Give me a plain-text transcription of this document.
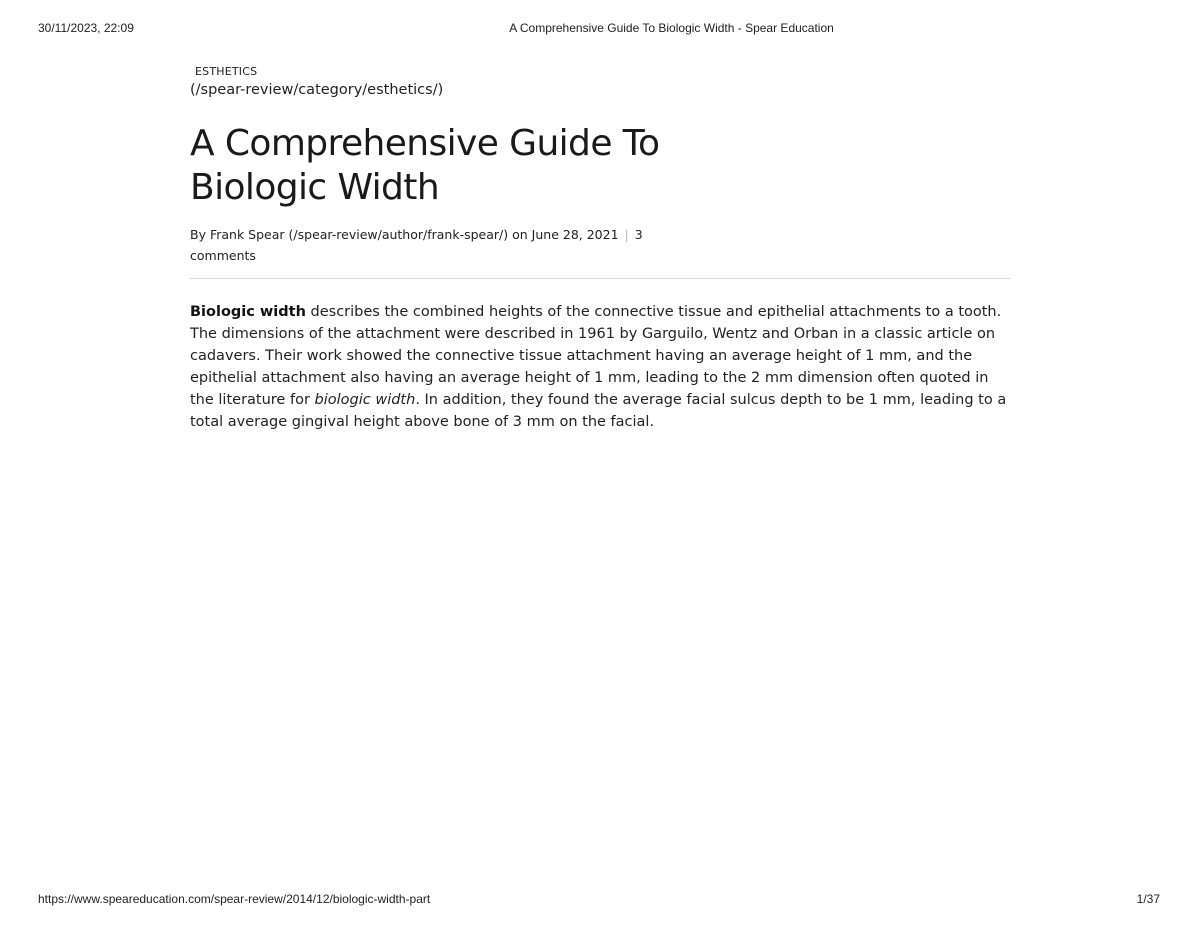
30/11/2023, 22:09	A Comprehensive Guide To Biologic Width - Spear Education
ESTHETICS
(/spear-review/category/esthetics/)
A Comprehensive Guide To
Biologic Width
By Frank Spear (/spear-review/author/frank-spear/) on June 28, 2021 | 3 comments

Biologic width describes the combined heights of the connective tissue and epithelial attachments to a tooth. The dimensions of the attachment were described in 1961 by Garguilo, Wentz and Orban in a classic article on cadavers. Their work showed the connective tissue attachment having an average height of 1 mm, and the epithelial attachment also having an average height of 1 mm, leading to the 2 mm dimension often quoted in the literature for biologic width. In addition, they found the average facial sulcus depth to be 1 mm, leading to a total average gingival height above bone of 3 mm on the facial.

https://www.speareducation.com/spear-review/2014/12/biologic-width-part	1/37
